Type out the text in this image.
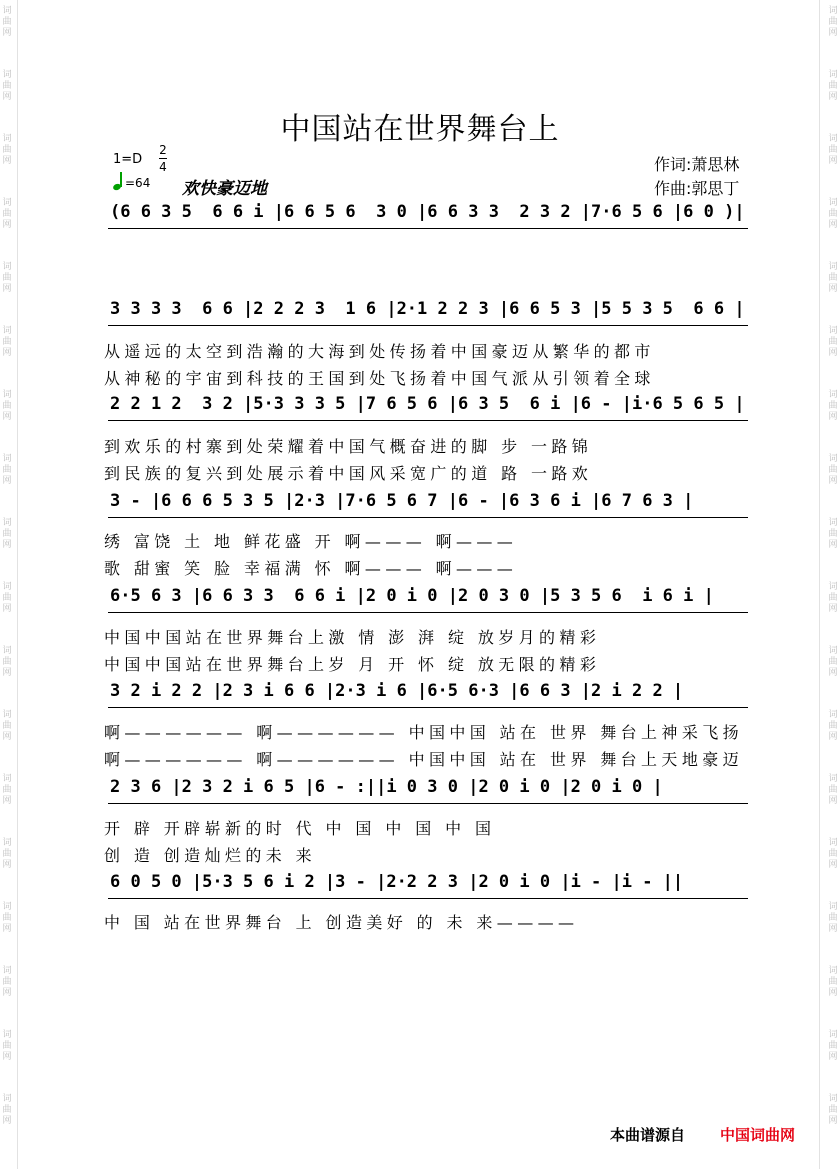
词
曲
网
词
曲
网
词
曲
网
词
曲
网
词
曲
网
词
曲
网
词
曲
网
词
曲
网
词
曲
网
词
曲
网
词
曲
网
词
曲
网
词
曲
网
词
曲
网
词
曲
网
词
曲
网
词
曲
网
词
曲
网
词
曲
网
词
曲
网
词
曲
网
词
曲
网
词
曲
网
词
曲
网
词
曲
网
词
曲
网
词
曲
网
词
曲
网
词
曲
网
词
曲
网
词
曲
网
词
曲
网
词
曲
网
词
曲
网
词
曲
网
词
曲
网
中国站在世界舞台上
1=D
2
4
=64 欢快豪迈地
作词:萧思林
作曲:郭思丁
(6 6 3 5  6 6 i |6 6 5 6  3 0 |6 6 3 3  2 3 2 |7·6 5 6 |6 0 )|
3 3 3 3  6 6 |2 2 2 3  1 6 |2·1 2 2 3 |6 6 5 3 |5 5 3 5  6 6 |
2 2 1 2  3 2 |5·3 3 3 5 |7 6 5 6 |6 3 5  6 i |6 - |i·6 5 6 5 |
3 - |6 6 6 5 3 5 |2·3 |7·6 5 6 7 |6 - |6 3 6 i |6 7 6 3 |
6·5 6 3 |6 6 3 3  6 6 i |2 0 i 0 |2 0 3 0 |5 3 5 6  i 6 i |
3 2 i 2 2 |2 3 i 6 6 |2·3 i 6 |6·5 6·3 |6 6 3 |2 i 2 2 |
2 3 6 |2 3 2 i 6 5 |6 - :||i 0 3 0 |2 0 i 0 |2 0 i 0 |
6 0 5 0 |5·3 5 6 i 2 |3 - |2·2 2 3 |2 0 i 0 |i - |i - ||
从遥远的太空到浩瀚的大海到处传扬着中国豪迈从繁华的都市
从神秘的宇宙到科技的王国到处飞扬着中国气派从引领着全球
到欢乐的村寨到处荣耀着中国气概奋进的脚 步 一路锦
到民族的复兴到处展示着中国风采宽广的道 路 一路欢
绣 富饶 土 地 鲜花盛 开 啊——— 啊———
歌 甜蜜 笑 脸 幸福满 怀 啊——— 啊———
中国中国站在世界舞台上激 情 澎 湃 绽 放岁月的精彩
中国中国站在世界舞台上岁 月 开 怀 绽 放无限的精彩
啊—————— 啊—————— 中国中国 站在 世界 舞台上神采飞扬
啊—————— 啊—————— 中国中国 站在 世界 舞台上天地豪迈
开 辟 开辟崭新的时 代 中 国 中 国 中 国
创 造 创造灿烂的未 来
中 国 站在世界舞台 上 创造美好 的 未 来————
本曲谱源自 中国词曲网
